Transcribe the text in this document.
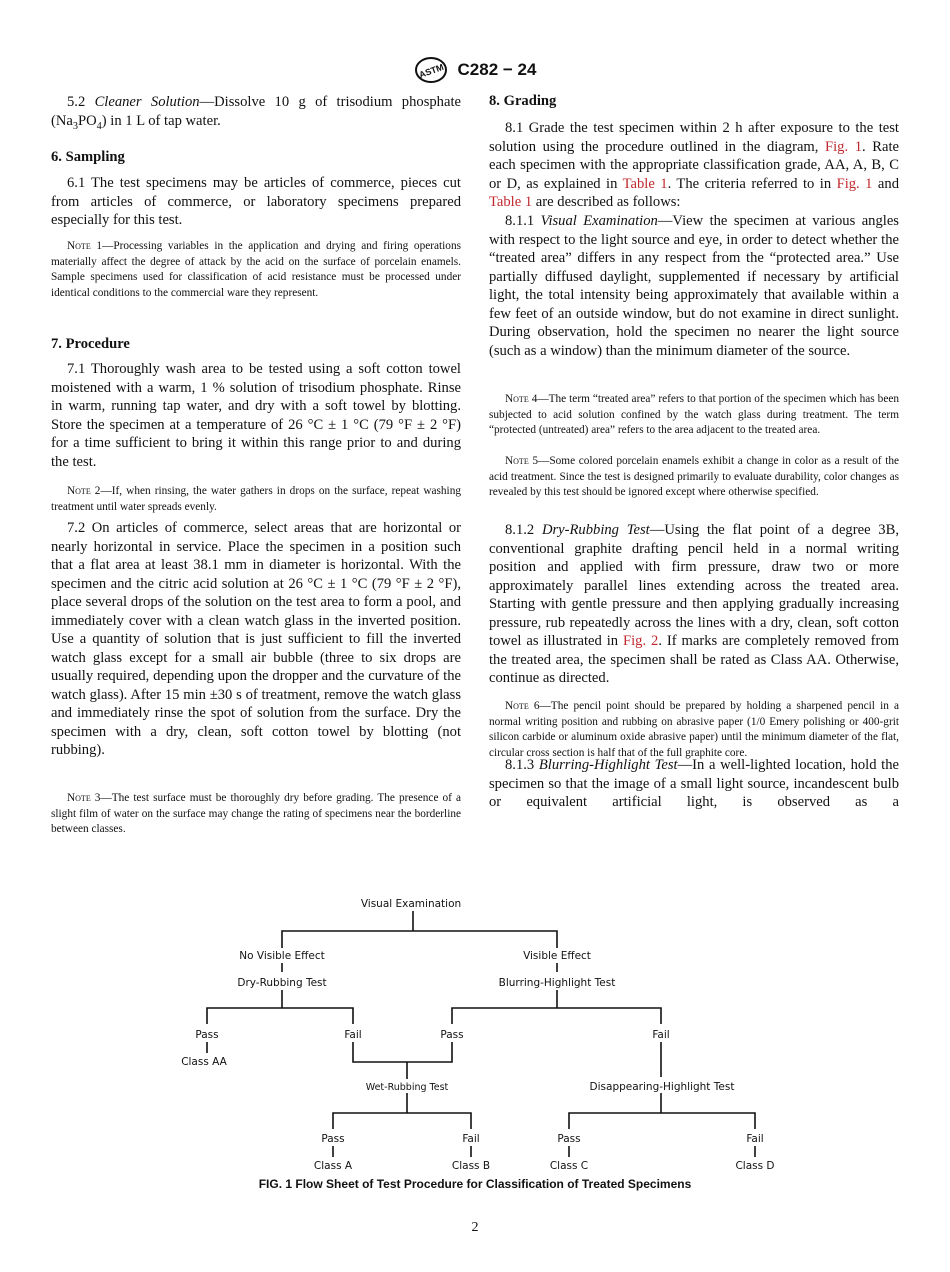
ASTM C282 − 24

5.2 Cleaner Solution—Dissolve 10 g of trisodium phosphate $(Na_3PO_4)$ in 1 L of tap water.

6. Sampling

6.1 The test specimens may be articles of commerce, pieces cut from articles of commerce, or laboratory specimens prepared especially for this test.

Note 1—Processing variables in the application and drying and firing operations materially affect the degree of attack by the acid on the surface of porcelain enamels. Sample specimens used for classification of acid resistance must be processed under identical conditions to the commercial ware they represent.

7. Procedure

7.1 Thoroughly wash area to be tested using a soft cotton towel moistened with a warm, 1 % solution of trisodium phosphate. Rinse in warm, running tap water, and dry with a soft towel by blotting. Store the specimen at a temperature of 26 °C ± 1 °C (79 °F ± 2 °F) for a time sufficient to bring it within this range prior to and during the test.

Note 2—If, when rinsing, the water gathers in drops on the surface, repeat washing treatment until water spreads evenly.

7.2 On articles of commerce, select areas that are horizontal or nearly horizontal in service. Place the specimen in a position such that a flat area at least 38.1 mm in diameter is horizontal. With the specimen and the citric acid solution at 26 °C ± 1 °C (79 °F ± 2 °F), place several drops of the solution on the test area to form a pool, and immediately cover with a clean watch glass in the inverted position. Use a quantity of solution that is just sufficient to fill the inverted watch glass except for a small air bubble (three to six drops are usually required, depending upon the dropper and the curvature of the watch glass). After 15 min ±30 s of treatment, remove the watch glass and immediately rinse the spot of solution from the surface. Dry the specimen with a dry, clean, soft cotton towel by blotting (not rubbing).

Note 3—The test surface must be thoroughly dry before grading. The presence of a slight film of water on the surface may change the rating of specimens near the borderline between classes.

8. Grading

8.1 Grade the test specimen within 2 h after exposure to the test solution using the procedure outlined in the diagram, Fig. 1. Rate each specimen with the appropriate classification grade, AA, A, B, C or D, as explained in Table 1. The criteria referred to in Fig. 1 and Table 1 are described as follows:

8.1.1 Visual Examination—View the specimen at various angles with respect to the light source and eye, in order to detect whether the “treated area” differs in any respect from the “protected area.” Use partially diffused daylight, supplemented if necessary by artificial light, the total intensity being approximately that available within a few feet of an outside window, but do not examine in direct sunlight. During observation, hold the specimen no nearer the light source (such as a window) than the minimum diameter of the source.

Note 4—The term “treated area” refers to that portion of the specimen which has been subjected to acid solution confined by the watch glass during treatment. The term “protected (untreated) area” refers to the area adjacent to the treated area.

Note 5—Some colored porcelain enamels exhibit a change in color as a result of the acid treatment. Since the test is designed primarily to evaluate durability, color changes as revealed by this test should be ignored except where otherwise specified.

8.1.2 Dry-Rubbing Test—Using the flat point of a degree 3B, conventional graphite drafting pencil held in a normal writing position and applied with firm pressure, draw two or more approximately parallel lines extending across the treated area. Starting with gentle pressure and then applying gradually increasing pressure, rub repeatedly across the lines with a dry, clean, soft cotton towel as illustrated in Fig. 2. If marks are completely removed from the treated area, the specimen shall be rated as Class AA. Otherwise, continue as directed.

Note 6—The pencil point should be prepared by holding a sharpened pencil in a normal writing position and rubbing on abrasive paper (1/0 Emery polishing or 400-grit silicon carbide or aluminum oxide abrasive paper) until the minimum diameter of the flat, circular cross section is half that of the full graphite core.

8.1.3 Blurring-Highlight Test—In a well-lighted location, hold the specimen so that the image of a small light source, incandescent bulb or equivalent artificial light, is observed as a

Visual Examination
No Visible Effect
Dry-Rubbing Test
Visible Effect
Blurring-Highlight Test
Pass
Class AA
Fail	Pass	Fail
Wet-Rubbing Test	Disappearing-Highlight Test
Pass
Class A
Fail
Class B
Pass
Class C
Fail
Class D
FIG. 1 Flow Sheet of Test Procedure for Classification of Treated Specimens
2
